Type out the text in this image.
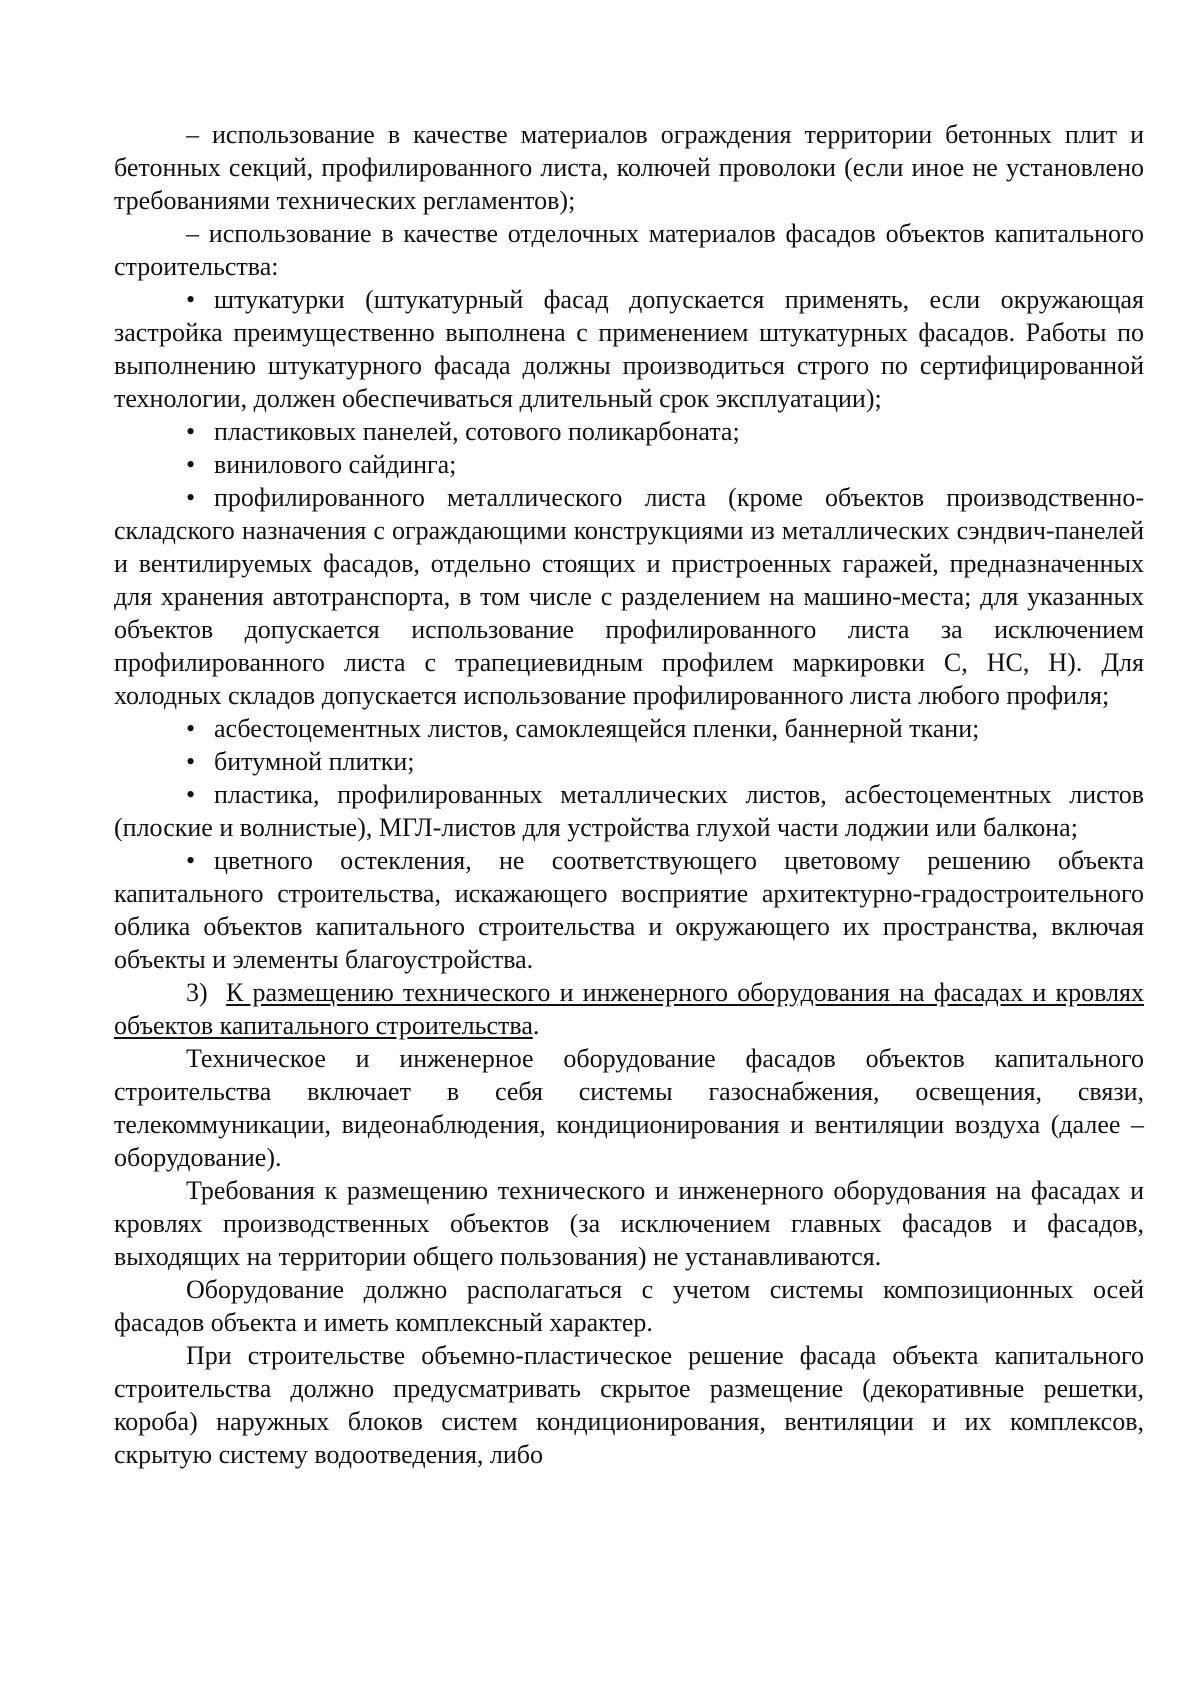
– использование в качестве материалов ограждения территории бетонных плит и бетонных секций, профилированного листа, колючей проволоки (если иное не установлено требованиями технических регламентов);

– использование в качестве отделочных материалов фасадов объектов капитального строительства:

• штукатурки (штукатурный фасад допускается применять, если окружающая застройка преимущественно выполнена с применением штукатурных фасадов. Работы по выполнению штукатурного фасада должны производиться строго по сертифицированной технологии, должен обеспечиваться длительный срок эксплуатации);

• пластиковых панелей, сотового поликарбоната;

• винилового сайдинга;

• профилированного металлического листа (кроме объектов производственно-складского назначения с ограждающими конструкциями из металлических сэндвич-панелей и вентилируемых фасадов, отдельно стоящих и пристроенных гаражей, предназначенных для хранения автотранспорта, в том числе с разделением на машино-места; для указанных объектов допускается использование профилированного листа за исключением профилированного листа с трапециевидным профилем маркировки С, НС, Н). Для холодных складов допускается использование профилированного листа любого профиля;

• асбестоцементных листов, самоклеящейся пленки, баннерной ткани;

• битумной плитки;

• пластика, профилированных металлических листов, асбестоцементных листов (плоские и волнистые), МГЛ-листов для устройства глухой части лоджии или балкона;

• цветного остекления, не соответствующего цветовому решению объекта капитального строительства, искажающего восприятие архитектурно-градостроительного облика объектов капитального строительства и окружающего их пространства, включая объекты и элементы благоустройства.

3) К размещению технического и инженерного оборудования на фасадах и кровлях объектов капитального строительства.

Техническое и инженерное оборудование фасадов объектов капитального строительства включает в себя системы газоснабжения, освещения, связи, телекоммуникации, видеонаблюдения, кондиционирования и вентиляции воздуха (далее – оборудование).

Требования к размещению технического и инженерного оборудования на фасадах и кровлях производственных объектов (за исключением главных фасадов и фасадов, выходящих на территории общего пользования) не устанавливаются.

Оборудование должно располагаться с учетом системы композиционных осей фасадов объекта и иметь комплексный характер.

При строительстве объемно-пластическое решение фасада объекта капитального строительства должно предусматривать скрытое размещение (декоративные решетки, короба) наружных блоков систем кондиционирования, вентиляции и их комплексов, скрытую систему водоотведения, либо
